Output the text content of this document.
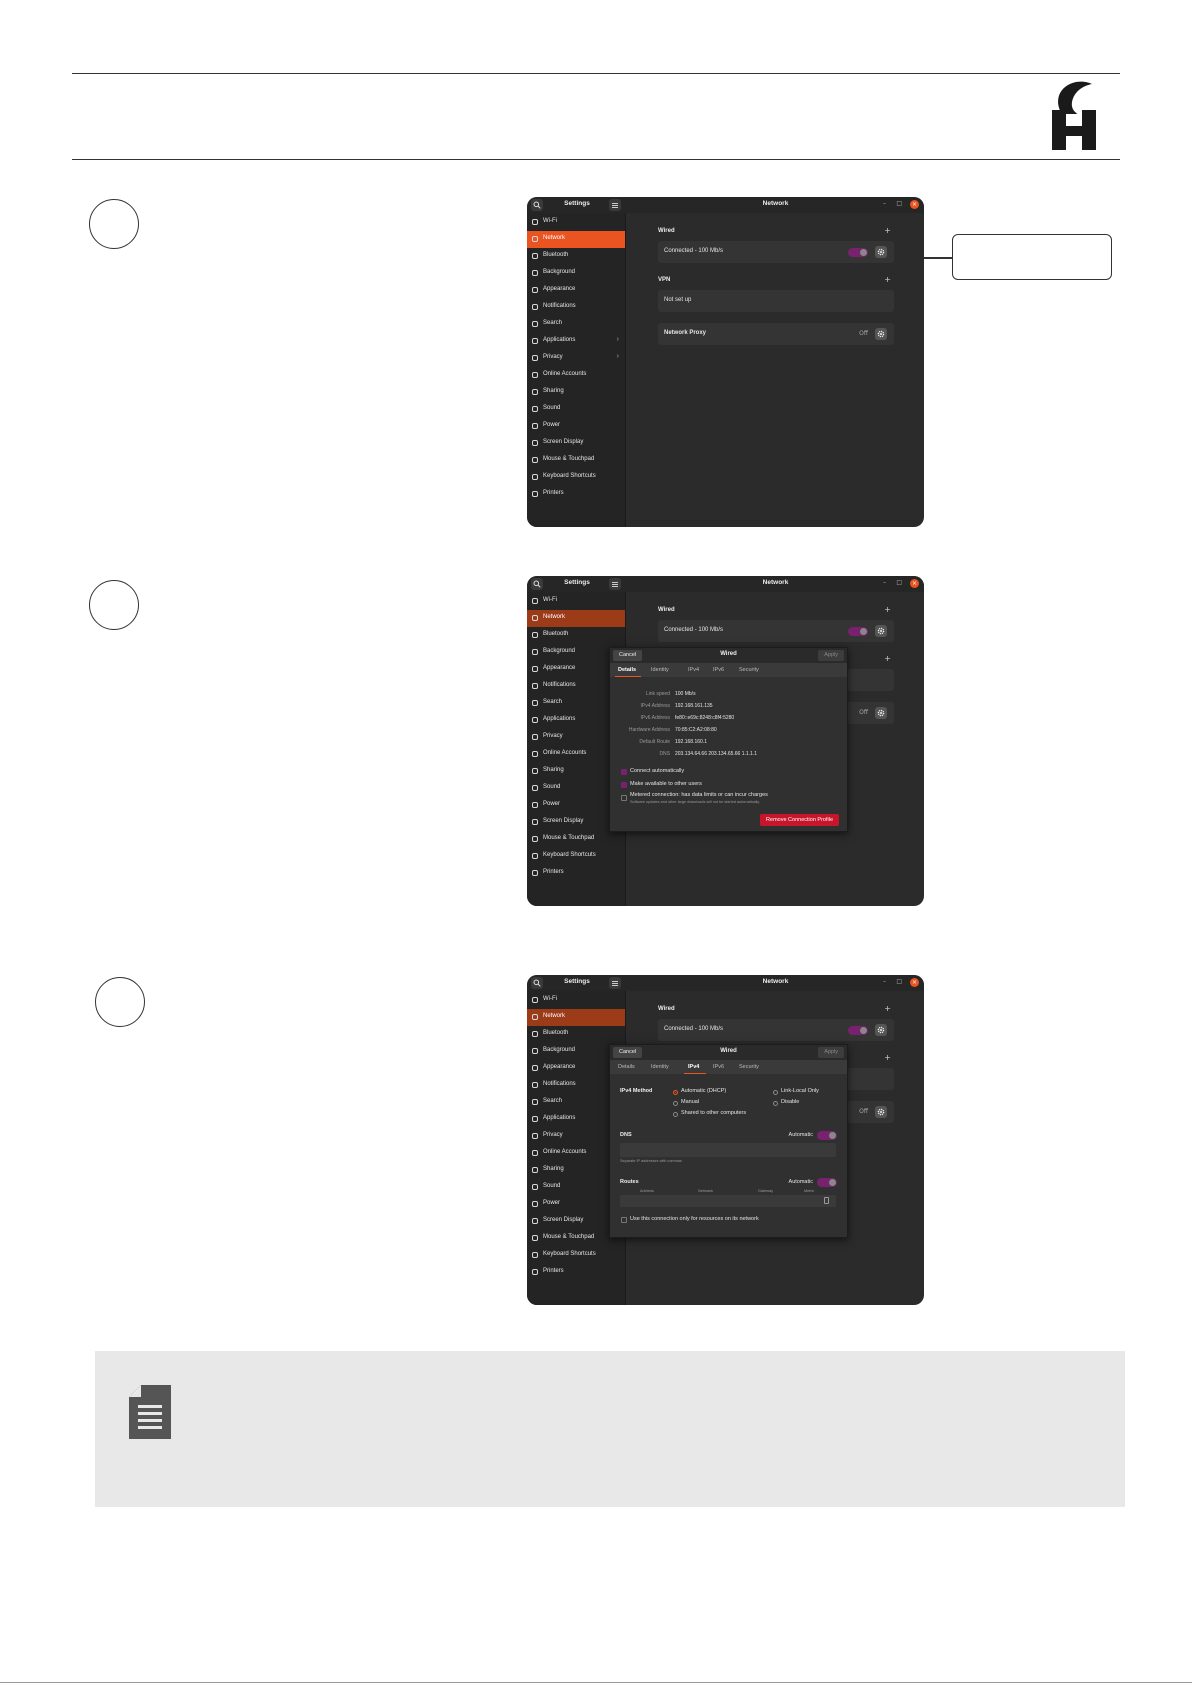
Settings	Network	– □	×
Wi-Fi
Network
Bluetooth
Background
Appearance
Notifications
Search
Applications	›
Privacy	›
Online Accounts
Sharing
Sound
Power
Screen Display
Mouse & Touchpad
Keyboard Shortcuts
Printers
Wired	+
Connected - 100 Mb/s
VPN	+
Not set up
Network Proxy	Off
Settings	Network	– □	×
Wi-Fi
Network
Bluetooth
Background
Appearance
Notifications
Search
Applications
Privacy
Online Accounts
Sharing
Sound
Power
Screen Display
Mouse & Touchpad
Keyboard Shortcuts
Printers
Wired	+
Connected - 100 Mb/s
+
Off
Cancel	Wired	Apply
Details	Identity	IPv4	IPv6	Security
Link speed 100 Mb/s
IPv4 Address 192.168.161.135
IPv6 Address fe80::e69c:8248:c8f4:5280
Hardware Address 70:85:C2:A2:08:80
Default Route 192.168.160.1
DNS 203.134.64.66 203.134.65.66 1.1.1.1
Connect automatically
Make available to other users
Metered connection: has data limits or can incur charges
Software updates and other large downloads will not be started automatically.
Remove Connection Profile
Settings	Network	– □	×
Wi-Fi
Network
Bluetooth
Background
Appearance
Notifications
Search
Applications
Privacy
Online Accounts
Sharing
Sound
Power
Screen Display
Mouse & Touchpad
Keyboard Shortcuts
Printers
Wired	+
Connected - 100 Mb/s
+
Off
Cancel	Wired	Apply
Details	Identity	IPv4 IPv6	Security
IPv4 Method	Automatic (DHCP)	Link-Local Only
Manual	Disable
Shared to other computers
DNS	Automatic
Separate IP addresses with commas
Routes	Automatic
Address	Netmask	Gateway	Metric
Use this connection only for resources on its network
